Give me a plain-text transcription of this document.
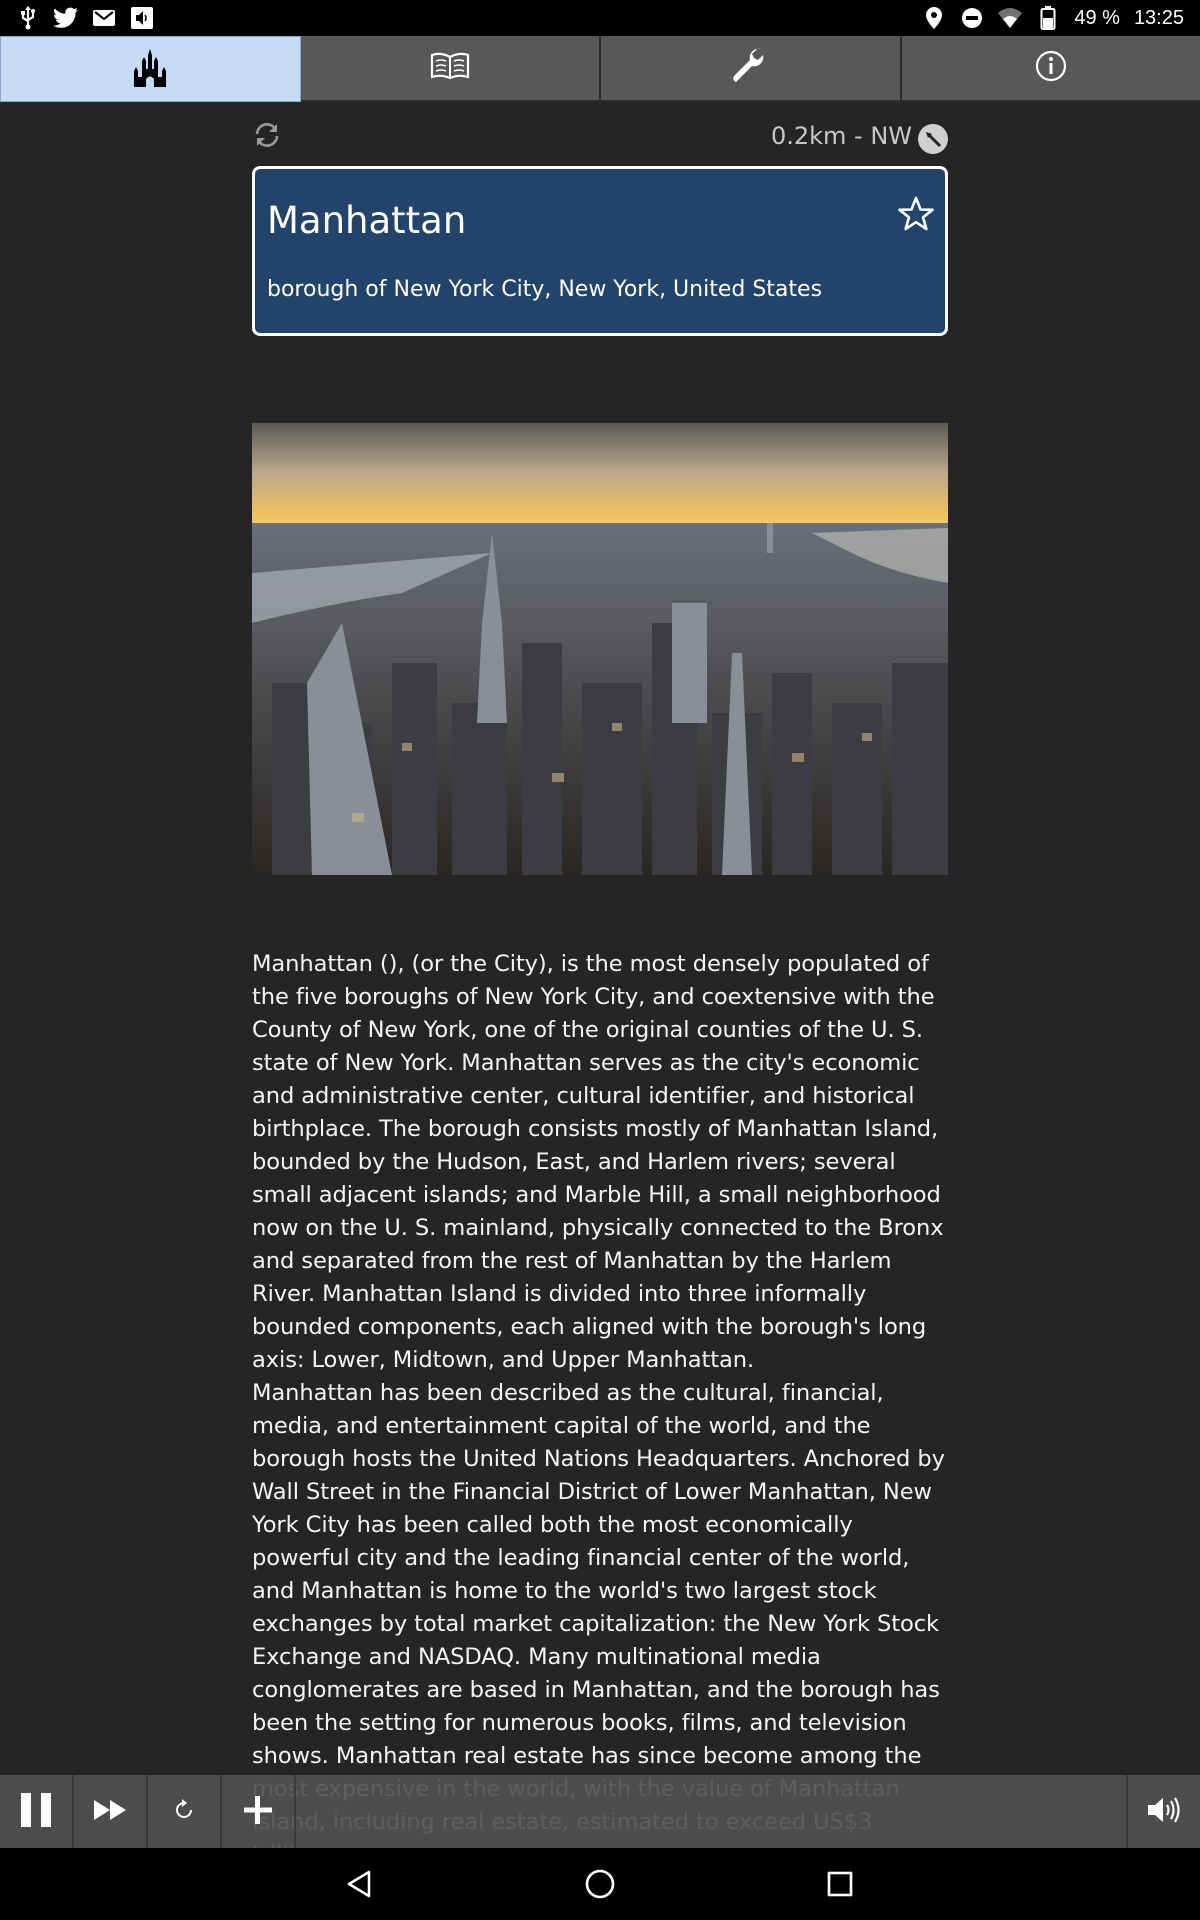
49 % 13:25
0.2km - NW
Manhattan
borough of New York City, New York, United States

Manhattan (), (or the City), is the most densely populated of the five boroughs of New York City, and coextensive with the County of New York, one of the original counties of the U. S. state of New York. Manhattan serves as the city's economic and administrative center, cultural identifier, and historical birthplace. The borough consists mostly of Manhattan Island, bounded by the Hudson, East, and Harlem rivers; several small adjacent islands; and Marble Hill, a small neighborhood now on the U. S. mainland, physically connected to the Bronx and separated from the rest of Manhattan by the Harlem River. Manhattan Island is divided into three informally bounded components, each aligned with the borough's long axis: Lower, Midtown, and Upper Manhattan.

Manhattan has been described as the cultural, financial, media, and entertainment capital of the world, and the borough hosts the United Nations Headquarters. Anchored by Wall Street in the Financial District of Lower Manhattan, New York City has been called both the most economically powerful city and the leading financial center of the world, and Manhattan is home to the world's two largest stock exchanges by total market capitalization: the New York Stock Exchange and NASDAQ. Many multinational media conglomerates are based in Manhattan, and the borough has been the setting for numerous books, films, and television shows. Manhattan real estate has since become among the
